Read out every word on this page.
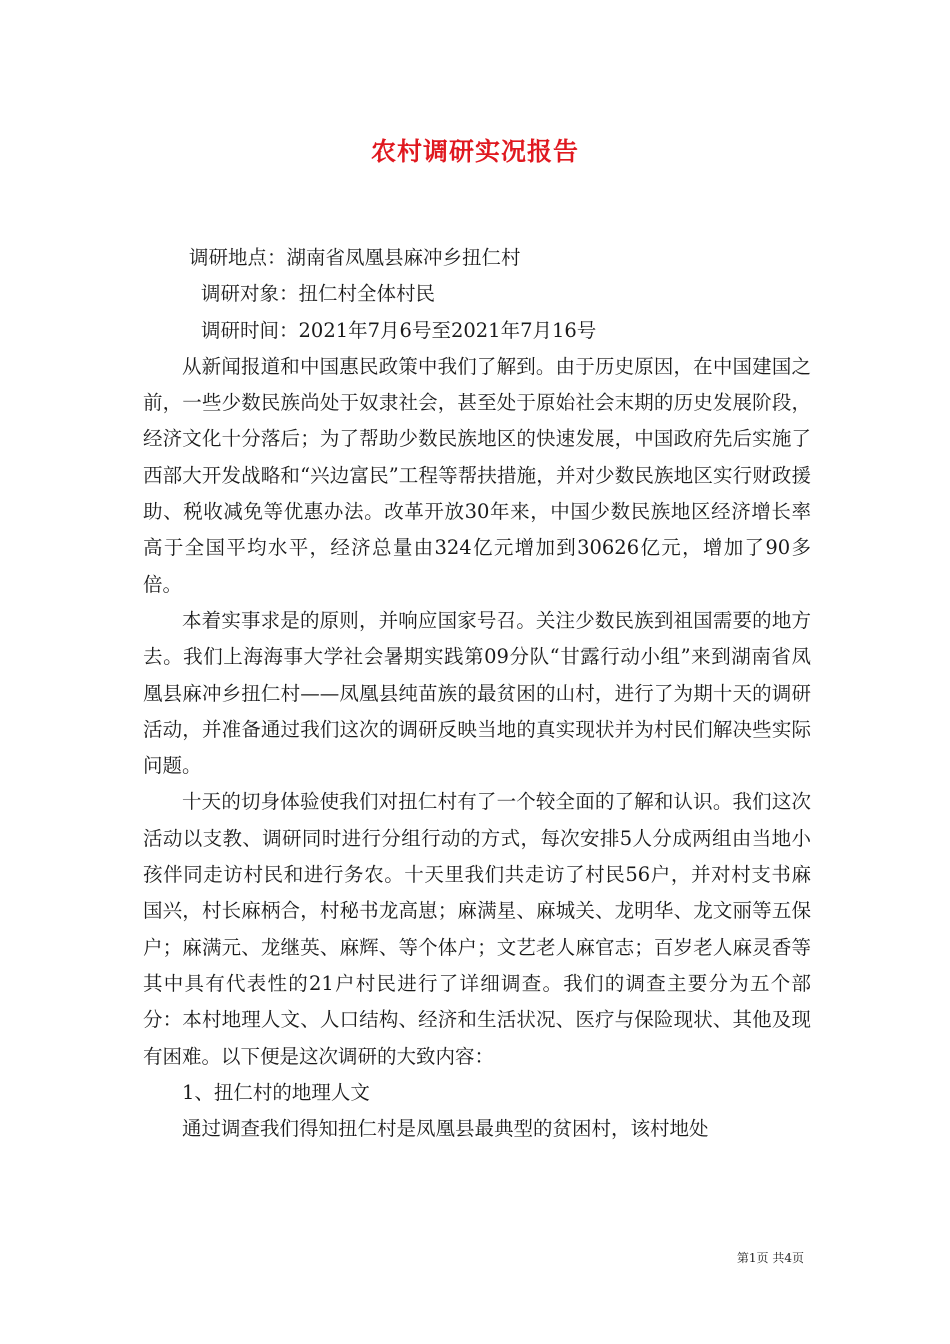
农村调研实况报告

调研地点：湖南省凤凰县麻冲乡扭仁村

调研对象：扭仁村全体村民

调研时间：2021年7月6号至2021年7月16号

从新闻报道和中国惠民政策中我们了解到。由于历史原因，在中国建国之前，一些少数民族尚处于奴隶社会，甚至处于原始社会末期的历史发展阶段，经济文化十分落后；为了帮助少数民族地区的快速发展，中国政府先后实施了西部大开发战略和“兴边富民”工程等帮扶措施，并对少数民族地区实行财政援助、税收减免等优惠办法。改革开放30年来，中国少数民族地区经济增长率高于全国平均水平，经济总量由324亿元增加到30626亿元，增加了90多倍。

本着实事求是的原则，并响应国家号召。关注少数民族到祖国需要的地方去。我们上海海事大学社会暑期实践第09分队“甘露行动小组”来到湖南省凤凰县麻冲乡扭仁村——凤凰县纯苗族的最贫困的山村，进行了为期十天的调研活动，并准备通过我们这次的调研反映当地的真实现状并为村民们解决些实际问题。

十天的切身体验使我们对扭仁村有了一个较全面的了解和认识。我们这次活动以支教、调研同时进行分组行动的方式，每次安排5人分成两组由当地小孩伴同走访村民和进行务农。十天里我们共走访了村民56户，并对村支书麻国兴，村长麻柄合，村秘书龙高崽；麻满星、麻城关、龙明华、龙文丽等五保户；麻满元、龙继英、麻辉、等个体户；文艺老人麻官志；百岁老人麻灵香等其中具有代表性的21户村民进行了详细调查。我们的调查主要分为五个部分：本村地理人文、人口结构、经济和生活状况、医疗与保险现状、其他及现有困难。以下便是这次调研的大致内容：

1、扭仁村的地理人文

通过调查我们得知扭仁村是凤凰县最典型的贫困村，该村地处

第1页 共4页
